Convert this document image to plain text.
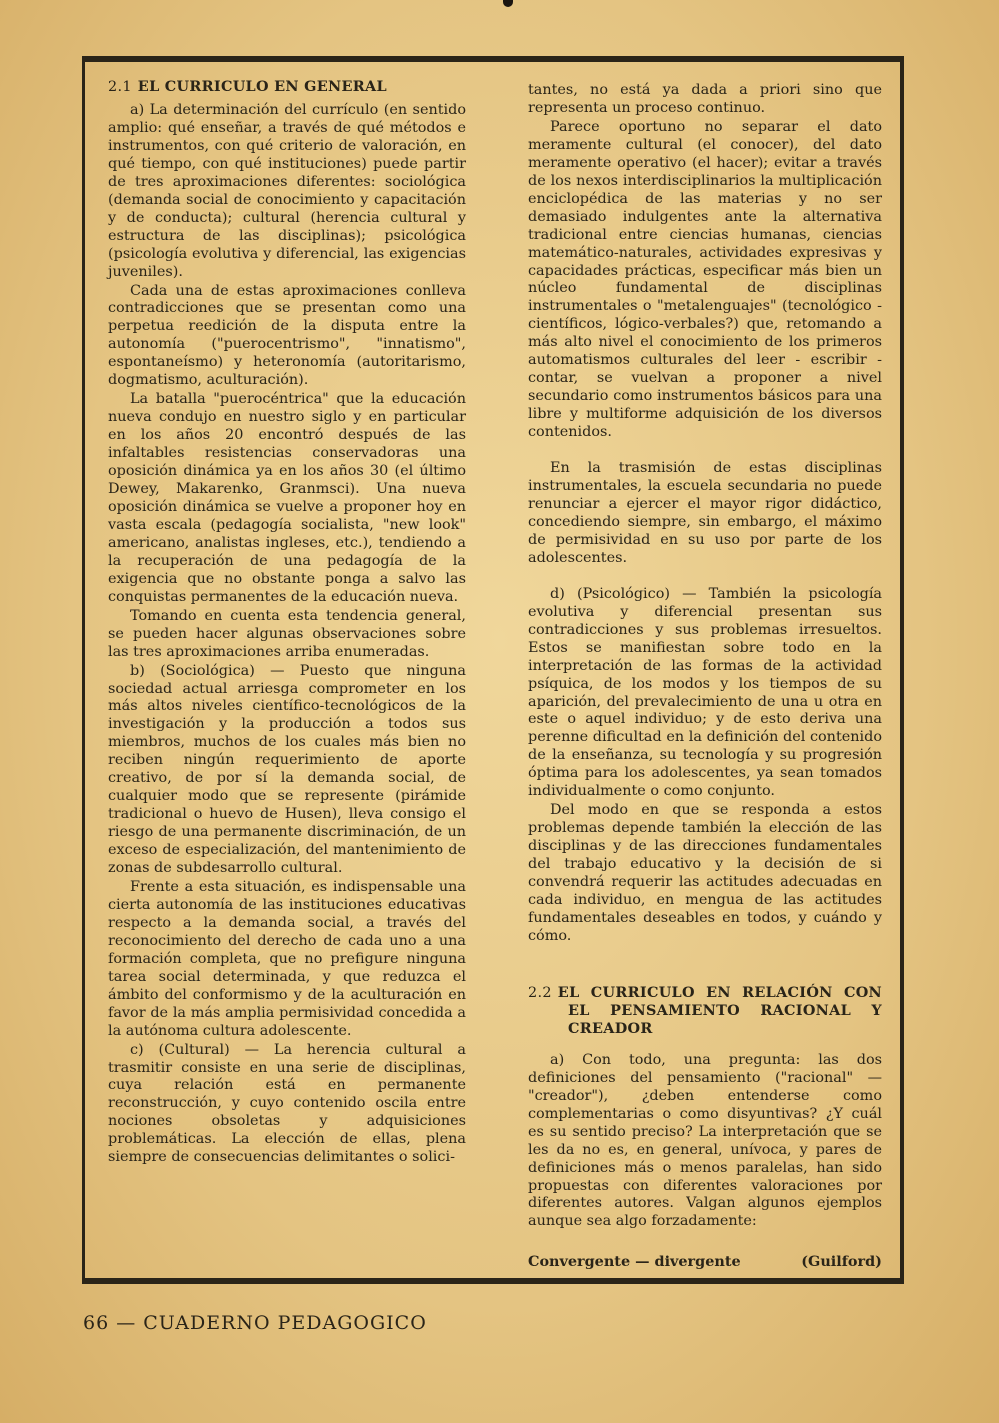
2.1 EL CURRICULO EN GENERAL

a) La determinación del currículo (en sentido amplio: qué enseñar, a través de qué métodos e instrumentos, con qué criterio de valoración, en qué tiempo, con qué instituciones) puede partir de tres aproximaciones diferentes: sociológica (demanda social de conocimiento y capacitación y de conducta); cultural (herencia cultural y estructura de las disciplinas); psicológica (psicología evolutiva y diferencial, las exigencias juveniles).

Cada una de estas aproximaciones conlleva contradicciones que se presentan como una perpetua reedición de la disputa entre la autonomía ("puerocentrismo", "innatismo", espontaneísmo) y heteronomía (autoritarismo, dogmatismo, aculturación).

La batalla "puerocéntrica" que la educación nueva condujo en nuestro siglo y en particular en los años 20 encontró después de las infaltables resistencias conservadoras una oposición dinámica ya en los años 30 (el último Dewey, Makarenko, Granmsci). Una nueva oposición dinámica se vuelve a proponer hoy en vasta escala (pedagogía socialista, "new look" americano, analistas ingleses, etc.), tendiendo a la recuperación de una pedagogía de la exigencia que no obstante ponga a salvo las conquistas permanentes de la educación nueva.

Tomando en cuenta esta tendencia general, se pueden hacer algunas observaciones sobre las tres aproximaciones arriba enumeradas.

b) (Sociológica) — Puesto que ninguna sociedad actual arriesga comprometer en los más altos niveles científico-tecnológicos de la investigación y la producción a todos sus miembros, muchos de los cuales más bien no reciben ningún requerimiento de aporte creativo, de por sí la demanda social, de cualquier modo que se represente (pirámide tradicional o huevo de Husen), lleva consigo el riesgo de una permanente discriminación, de un exceso de especialización, del mantenimiento de zonas de subdesarrollo cultural.

Frente a esta situación, es indispensable una cierta autonomía de las instituciones educativas respecto a la demanda social, a través del reconocimiento del derecho de cada uno a una formación completa, que no prefigure ninguna tarea social determinada, y que reduzca el ámbito del conformismo y de la aculturación en favor de la más amplia permisividad concedida a la autónoma cultura adolescente.

c) (Cultural) — La herencia cultural a trasmitir consiste en una serie de disciplinas, cuya relación está en permanente reconstrucción, y cuyo contenido oscila entre nociones obsoletas y adquisiciones problemáticas. La elección de ellas, plena siempre de consecuencias delimitantes o solici-

tantes, no está ya dada a priori sino que representa un proceso continuo.

Parece oportuno no separar el dato meramente cultural (el conocer), del dato meramente operativo (el hacer); evitar a través de los nexos interdisciplinarios la multiplicación enciclopédica de las materias y no ser demasiado indulgentes ante la alternativa tradicional entre ciencias humanas, ciencias matemático-naturales, actividades expresivas y capacidades prácticas, especificar más bien un núcleo fundamental de disciplinas instrumentales o "metalenguajes" (tecnológico - científicos, lógico-verbales?) que, retomando a más alto nivel el conocimiento de los primeros automatismos culturales del leer - escribir - contar, se vuelvan a proponer a nivel secundario como instrumentos básicos para una libre y multiforme adquisición de los diversos contenidos.

En la trasmisión de estas disciplinas instrumentales, la escuela secundaria no puede renunciar a ejercer el mayor rigor didáctico, concediendo siempre, sin embargo, el máximo de permisividad en su uso por parte de los adolescentes.

d) (Psicológico) — También la psicología evolutiva y diferencial presentan sus contradicciones y sus problemas irresueltos. Estos se manifiestan sobre todo en la interpretación de las formas de la actividad psíquica, de los modos y los tiempos de su aparición, del prevalecimiento de una u otra en este o aquel individuo; y de esto deriva una perenne dificultad en la definición del contenido de la enseñanza, su tecnología y su progresión óptima para los adolescentes, ya sean tomados individualmente o como conjunto.

Del modo en que se responda a estos problemas depende también la elección de las disciplinas y de las direcciones fundamentales del trabajo educativo y la decisión de si convendrá requerir las actitudes adecuadas en cada individuo, en mengua de las actitudes fundamentales deseables en todos, y cuándo y cómo.

2.2 EL CURRICULO EN RELACIÓN CON EL PENSAMIENTO RACIONAL Y CREADOR

a) Con todo, una pregunta: las dos definiciones del pensamiento ("racional" — "creador"), ¿deben entenderse como complementarias o como disyuntivas? ¿Y cuál es su sentido preciso? La interpretación que se les da no es, en general, unívoca, y pares de definiciones más o menos paralelas, han sido propuestas con diferentes valoraciones por diferentes autores. Valgan algunos ejemplos aunque sea algo forzadamente:

Convergente — divergente	(Guilford)
66 — CUADERNO PEDAGOGICO
